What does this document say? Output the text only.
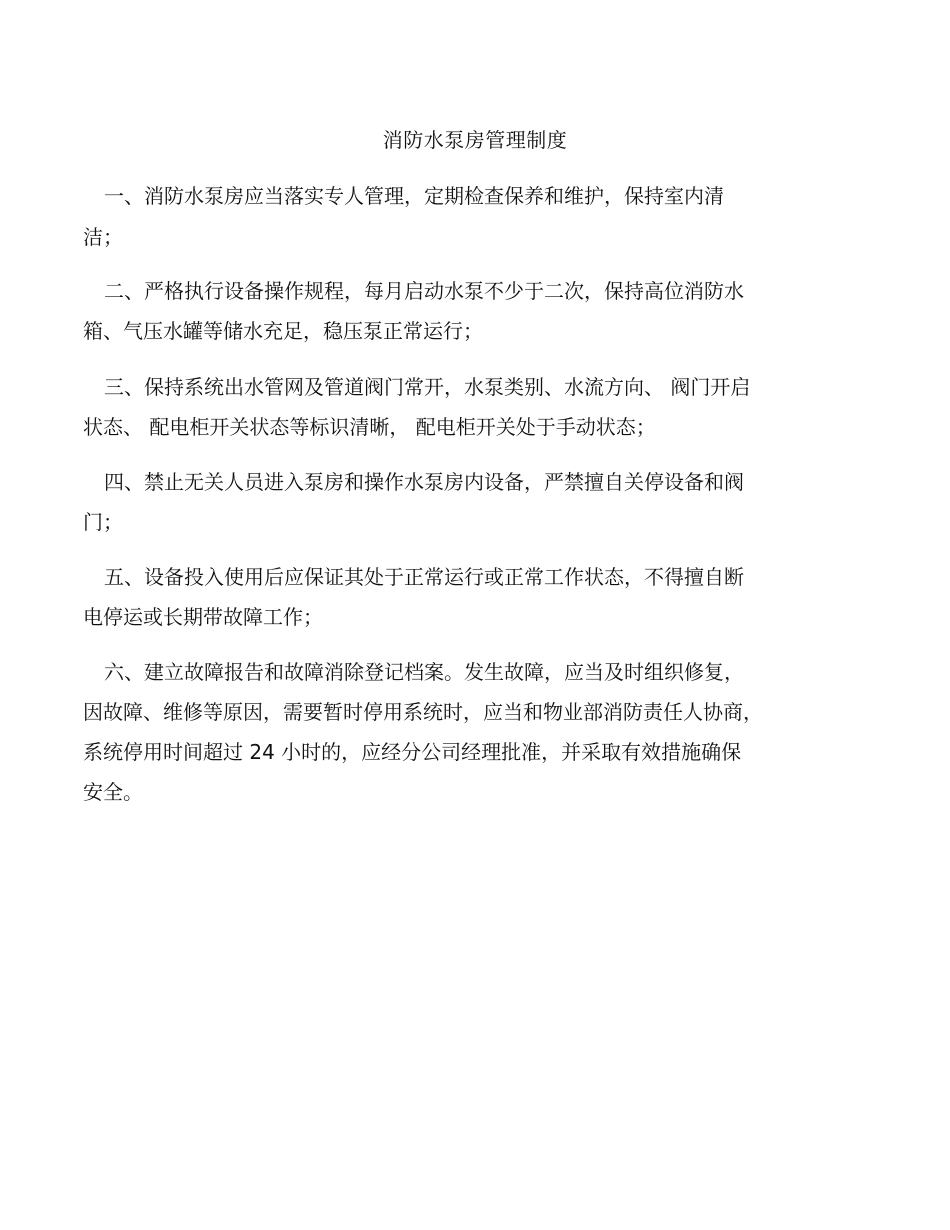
消防水泵房管理制度
一、消防水泵房应当落实专人管理，定期检查保养和维护，保持室内清
洁；
二、严格执行设备操作规程，每月启动水泵不少于二次，保持高位消防水
箱、气压水罐等储水充足，稳压泵正常运行；
三、保持系统出水管网及管道阀门常开，水泵类别、水流方向、 阀门开启
状态、 配电柜开关状态等标识清晰， 配电柜开关处于手动状态；
四、禁止无关人员进入泵房和操作水泵房内设备，严禁擅自关停设备和阀
门；
五、设备投入使用后应保证其处于正常运行或正常工作状态，不得擅自断
电停运或长期带故障工作；
六、建立故障报告和故障消除登记档案。发生故障，应当及时组织修复，
因故障、维修等原因，需要暂时停用系统时，应当和物业部消防责任人协商，
系统停用时间超过 24 小时的，应经分公司经理批准，并采取有效措施确保
安全。
